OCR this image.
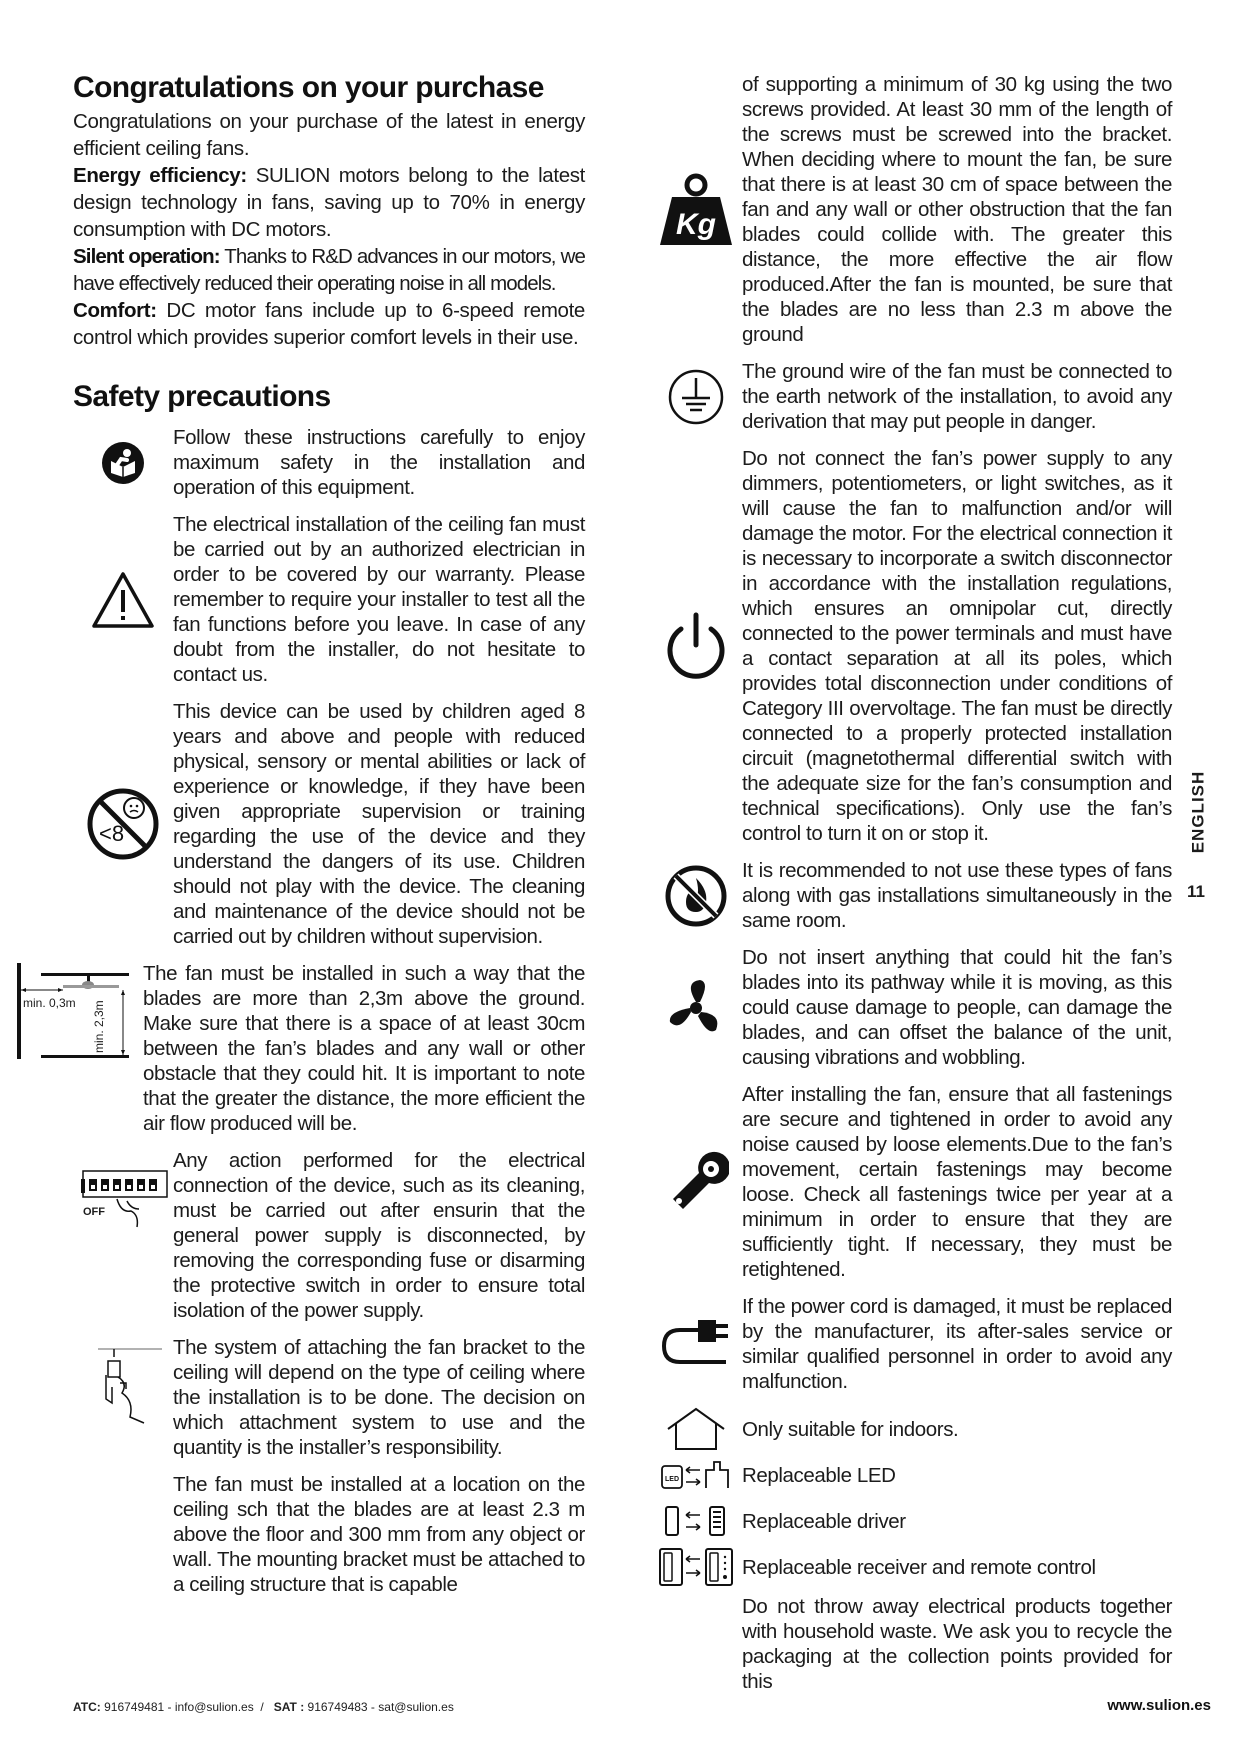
Congratulations on your purchase

Congratulations on your purchase of the latest in energy efficient ceiling fans.

Energy efficiency: SULION motors belong to the latest design technology in fans, saving up to 70% in energy consumption with DC motors.

Silent operation: Thanks to R&D advances in our motors, we have effectively reduced their operating noise in all models.

Comfort: DC motor fans include up to 6-speed remote control which provides superior comfort levels in their use.

Safety precautions

Follow these instructions carefully to enjoy maximum safety in the installation and operation of this equipment.

The electrical installation of the ceiling fan must be carried out by an authorized electrician in order to be covered by our warranty. Please remember to require your installer to test all the fan functions before you leave. In case of any doubt from the installer, do not hesitate to contact us.

<8

This device can be used by children aged 8 years and above and people with reduced physical, sensory or mental abilities or lack of experience or knowledge, if they have been given appropriate supervision or training regarding the use of the device and they understand the dangers of its use. Children should not play with the device. The cleaning and maintenance of the device should not be carried out by children without supervision.

min. 0,3m min. 2,3m

The fan must be installed in such a way that the blades are more than 2,3m above the ground. Make sure that there is a space of at least 30cm between the fan’s blades and any wall or other obstacle that they could hit. It is important to note that the greater the distance, the more efficient the air flow produced will be.

OFF

Any action performed for the electrical connection of the device, such as its cleaning, must be carried out after ensurin that the general power supply is disconnected, by removing the corresponding fuse or disarming the protective switch in order to ensure total isolation of the power supply.

The system of attaching the fan bracket to the ceiling will depend on the type of ceiling where the installation is to be done. The decision on which attachment system to use and the quantity is the installer’s responsibility.

The fan must be installed at a location on the ceiling sch that the blades are at least 2.3 m above the floor and 300 mm from any object or wall. The mounting bracket must be attached to a ceiling structure that is capable

Kg

of supporting a minimum of 30 kg using the two screws provided. At least 30 mm of the length of the screws must be screwed into the bracket. When deciding where to mount the fan, be sure that there is at least 30 cm of space between the fan and any wall or other obstruction that the fan blades could collide with. The greater this distance, the more effective the air flow produced.After the fan is mounted, be sure that the blades are no less than 2.3 m above the ground

The ground wire of the fan must be connected to the earth network of the installation, to avoid any derivation that may put people in danger.

Do not connect the fan’s power supply to any dimmers, potentiometers, or light switches, as it will cause the fan to malfunction and/or will damage the motor. For the electrical connection it is necessary to incorporate a switch disconnector in accordance with the installation regulations, which ensures an omnipolar cut, directly connected to the power terminals and must have a contact separation at all its poles, which provides total disconnection under conditions of Category III overvoltage. The fan must be directly connected to a properly protected installation circuit (magnetothermal differential switch with the adequate size for the fan’s consumption and technical specifications). Only use the fan’s control to turn it on or stop it.

It is recommended to not use these types of fans along with gas installations simultaneously in the same room.

Do not insert anything that could hit the fan’s blades into its pathway while it is moving, as this could cause damage to people, can damage the blades, and can offset the balance of the unit, causing vibrations and wobbling.

After installing the fan, ensure that all fastenings are secure and tightened in order to avoid any noise caused by loose elements.Due to the fan’s movement, certain fastenings may become loose. Check all fastenings twice per year at a minimum in order to ensure that they are sufficiently tight. If necessary, they must be retightened.

If the power cord is damaged, it must be replaced by the manufacturer, its after-sales service or similar qualified personnel in order to avoid any malfunction.

Only suitable for indoors.

LED	Replaceable LED

Replaceable driver

Replaceable receiver and remote control

Do not throw away electrical products together with household waste. We ask you to recycle the packaging at the collection points provided for this

ENGLISH
11
ATC: 916749481 - info@sulion.es  /   SAT : 916749483 - sat@sulion.es	www.sulion.es
